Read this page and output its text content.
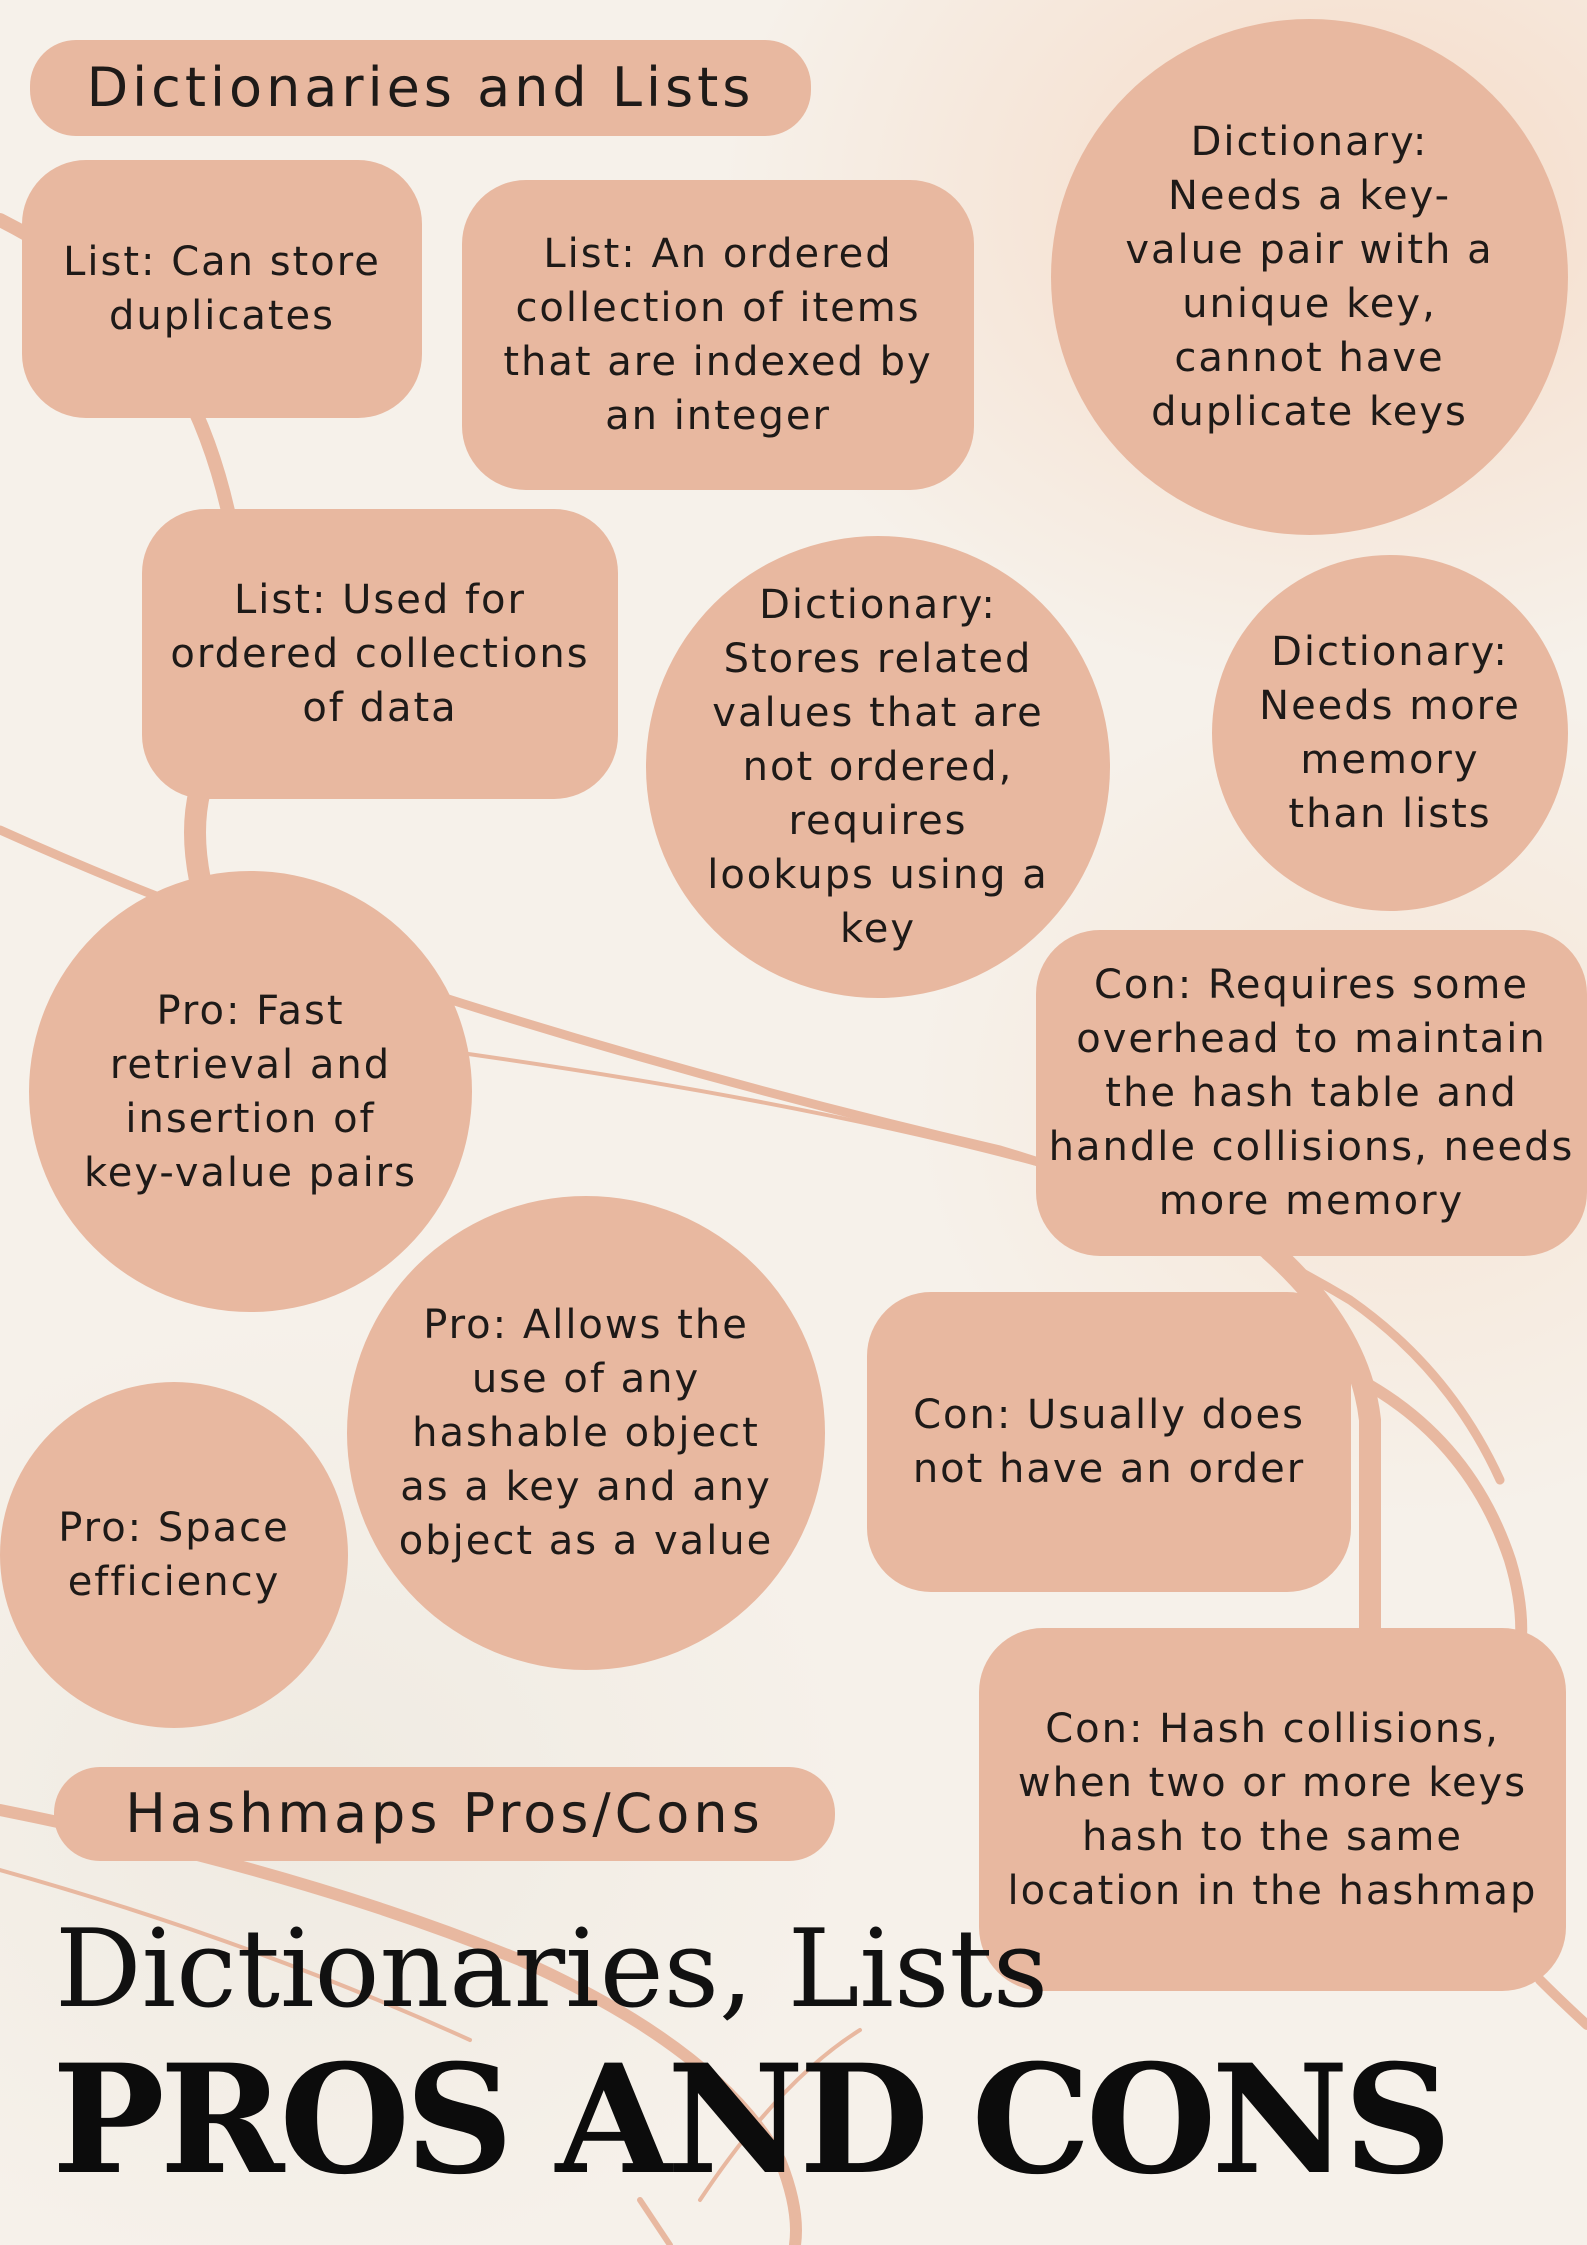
Dictionaries and Lists
List: Can store duplicates
List: An ordered collection of items that are indexed by an integer
Dictionary: Needs a key-value pair with a unique key, cannot have duplicate keys
List: Used for ordered collections of data
Dictionary: Stores related values that are not ordered, requires lookups using a key
Dictionary: Needs more memory than lists
Pro: Fast retrieval and insertion of key-value pairs
Con: Requires some overhead to maintain the hash table and handle collisions, needs more memory
Pro: Allows the use of any hashable object as a key and any object as a value
Con: Usually does not have an order
Pro: Space efficiency
Con: Hash collisions, when two or more keys hash to the same location in the hashmap
Hashmaps Pros/Cons
Dictionaries, Lists
PROS AND CONS
